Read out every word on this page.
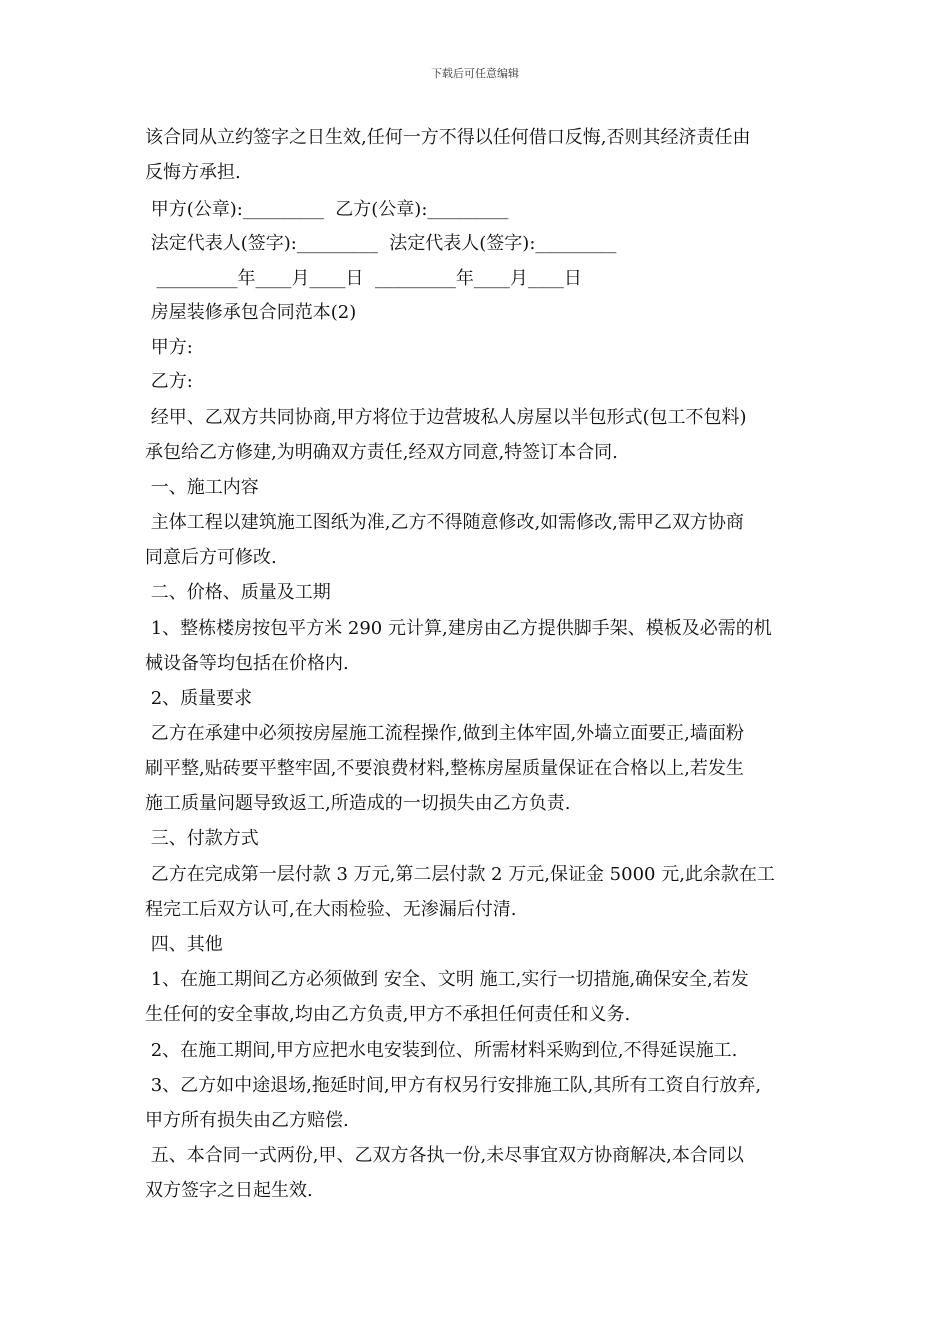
下载后可任意编辑
该合同从立约签字之日生效,任何一方不得以任何借口反悔,否则其经济责任由
反悔方承担.
甲方(公章):_________  乙方(公章):_________
法定代表人(签字):_________  法定代表人(签字):_________
_________年____月____日  _________年____月____日
房屋装修承包合同范本(2)
甲方:
乙方:
经甲、乙双方共同协商,甲方将位于边营坡私人房屋以半包形式(包工不包料)
承包给乙方修建,为明确双方责任,经双方同意,特签订本合同.
一、施工内容
主体工程以建筑施工图纸为准,乙方不得随意修改,如需修改,需甲乙双方协商
同意后方可修改.
二、价格、质量及工期
1、整栋楼房按包平方米 290 元计算,建房由乙方提供脚手架、模板及必需的机
械设备等均包括在价格内.
2、质量要求
乙方在承建中必须按房屋施工流程操作,做到主体牢固,外墙立面要正,墙面粉
刷平整,贴砖要平整牢固,不要浪费材料,整栋房屋质量保证在合格以上,若发生
施工质量问题导致返工,所造成的一切损失由乙方负责.
三、付款方式
乙方在完成第一层付款 3 万元,第二层付款 2 万元,保证金 5000 元,此余款在工
程完工后双方认可,在大雨检验、无渗漏后付清.
四、其他
1、在施工期间乙方必须做到 安全、文明 施工,实行一切措施,确保安全,若发
生任何的安全事故,均由乙方负责,甲方不承担任何责任和义务.
2、在施工期间,甲方应把水电安装到位、所需材料采购到位,不得延误施工.
3、乙方如中途退场,拖延时间,甲方有权另行安排施工队,其所有工资自行放弃,
甲方所有损失由乙方赔偿.
五、本合同一式两份,甲、乙双方各执一份,未尽事宜双方协商解决,本合同以
双方签字之日起生效.
